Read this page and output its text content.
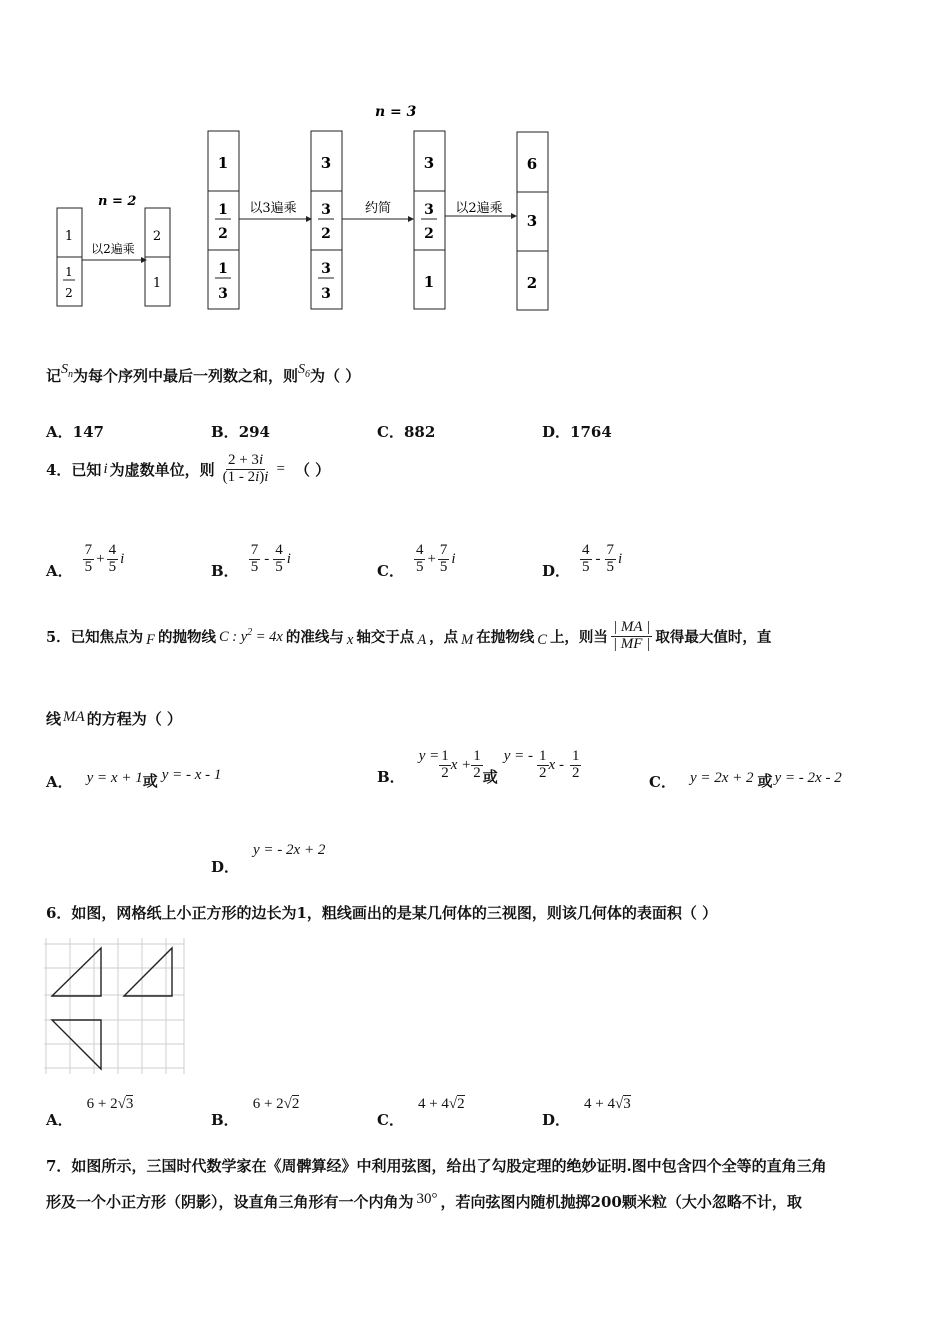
n = 3
n = 2
1
1
2
以2遍乘
2
1
1
1
2
1
3
以3遍乘
3
3
2
3
3
约简
3
3
2
1
以2遍乘
6
3
2
记$S_n$为每个序列中最后一列数之和，则$S_6$为（ ）
A．147	B．294	C．882	D．1764
4．已知 i 为虚数单位，则 $\frac{2 + 3i}{(1 - 2i)i}$ = （ ）
A． $\frac{7}{5} + \frac{4}{5}$ i
B． $\frac{7}{5} - \frac{4}{5}$ i
C． $\frac{4}{5} + \frac{7}{5}$ i
D． $\frac{4}{5} - \frac{7}{5}$ i
5．已知焦点为 F 的抛物线 C : $y^2 = 4x$ 的准线与 x 轴交于点 A ，点 M 在抛物线 C 上，则当 $\frac{| MA |}{| MF |}$ 取得最大值时，直
线 MA 的方程为（ ）
A． y = x + 1 或 y = - x - 1	B．
$y = \frac{1}{2}$ $x + \frac{1}{2}$ 或
y = - $\frac{1}{2}$ x - $\frac{1}{2}$
C． y = 2x + 2 或 y = - 2x - 2
D．
y = - 2x + 2
6．如图，网格纸上小正方形的边长为1，粗线画出的是某几何体的三视图，则该几何体的表面积（ ）
A．
6 + 2√3
B．
6 + 2√2
C．
4 + 4√2
D．
4 + 4√3
7．如图所示，三国时代数学家在《周髀算经》中利用弦图，给出了勾股定理的绝妙证明.图中包含四个全等的直角三角
形及一个小正方形（阴影），设直角三角形有一个内角为 30° ，若向弦图内随机抛掷200颗米粒（大小忽略不计，取
